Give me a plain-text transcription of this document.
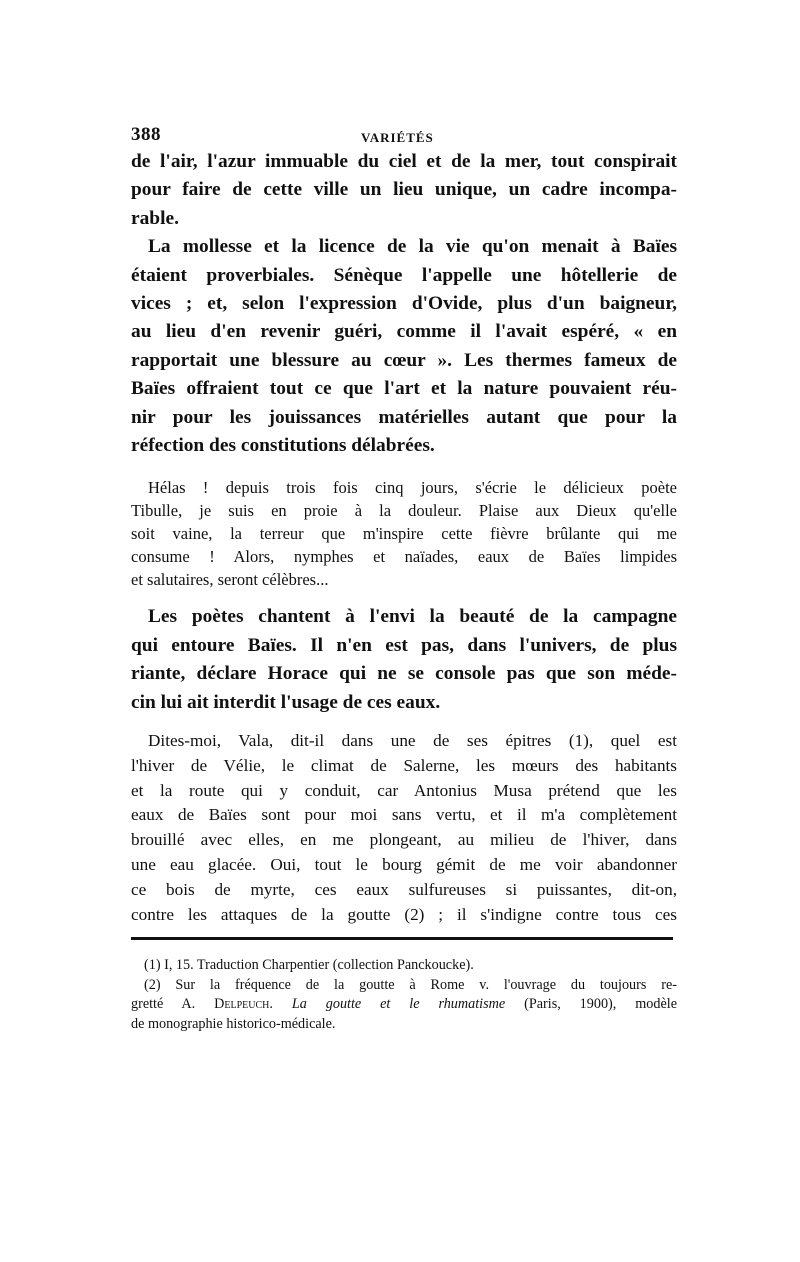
388	VARIÉTÉS
de l'air, l'azur immuable du ciel et de la mer, tout conspirait
pour faire de cette ville un lieu unique, un cadre incompa-
rable.
La mollesse et la licence de la vie qu'on menait à Baïes
étaient proverbiales. Sénèque l'appelle une hôtellerie de
vices ; et, selon l'expression d'Ovide, plus d'un baigneur,
au lieu d'en revenir guéri, comme il l'avait espéré, « en
rapportait une blessure au cœur ». Les thermes fameux de
Baïes offraient tout ce que l'art et la nature pouvaient réu-
nir pour les jouissances matérielles autant que pour la
réfection des constitutions délabrées.
Hélas ! depuis trois fois cinq jours, s'écrie le délicieux poète
Tibulle, je suis en proie à la douleur. Plaise aux Dieux qu'elle
soit vaine, la terreur que m'inspire cette fièvre brûlante qui me
consume ! Alors, nymphes et naïades, eaux de Baïes limpides
et salutaires, seront célèbres...
Les poètes chantent à l'envi la beauté de la campagne
qui entoure Baïes. Il n'en est pas, dans l'univers, de plus
riante, déclare Horace qui ne se console pas que son méde-
cin lui ait interdit l'usage de ces eaux.
Dites-moi, Vala, dit-il dans une de ses épitres (1), quel est
l'hiver de Vélie, le climat de Salerne, les mœurs des habitants
et la route qui y conduit, car Antonius Musa prétend que les
eaux de Baïes sont pour moi sans vertu, et il m'a complètement
brouillé avec elles, en me plongeant, au milieu de l'hiver, dans
une eau glacée. Oui, tout le bourg gémit de me voir abandonner
ce bois de myrte, ces eaux sulfureuses si puissantes, dit-on,
contre les attaques de la goutte (2) ; il s'indigne contre tous ces
(1) I, 15. Traduction Charpentier (collection Panckoucke).
(2) Sur la fréquence de la goutte à Rome v. l'ouvrage du toujours re-
gretté A. Delpeuch. La goutte et le rhumatisme (Paris, 1900), modèle
de monographie historico-médicale.
